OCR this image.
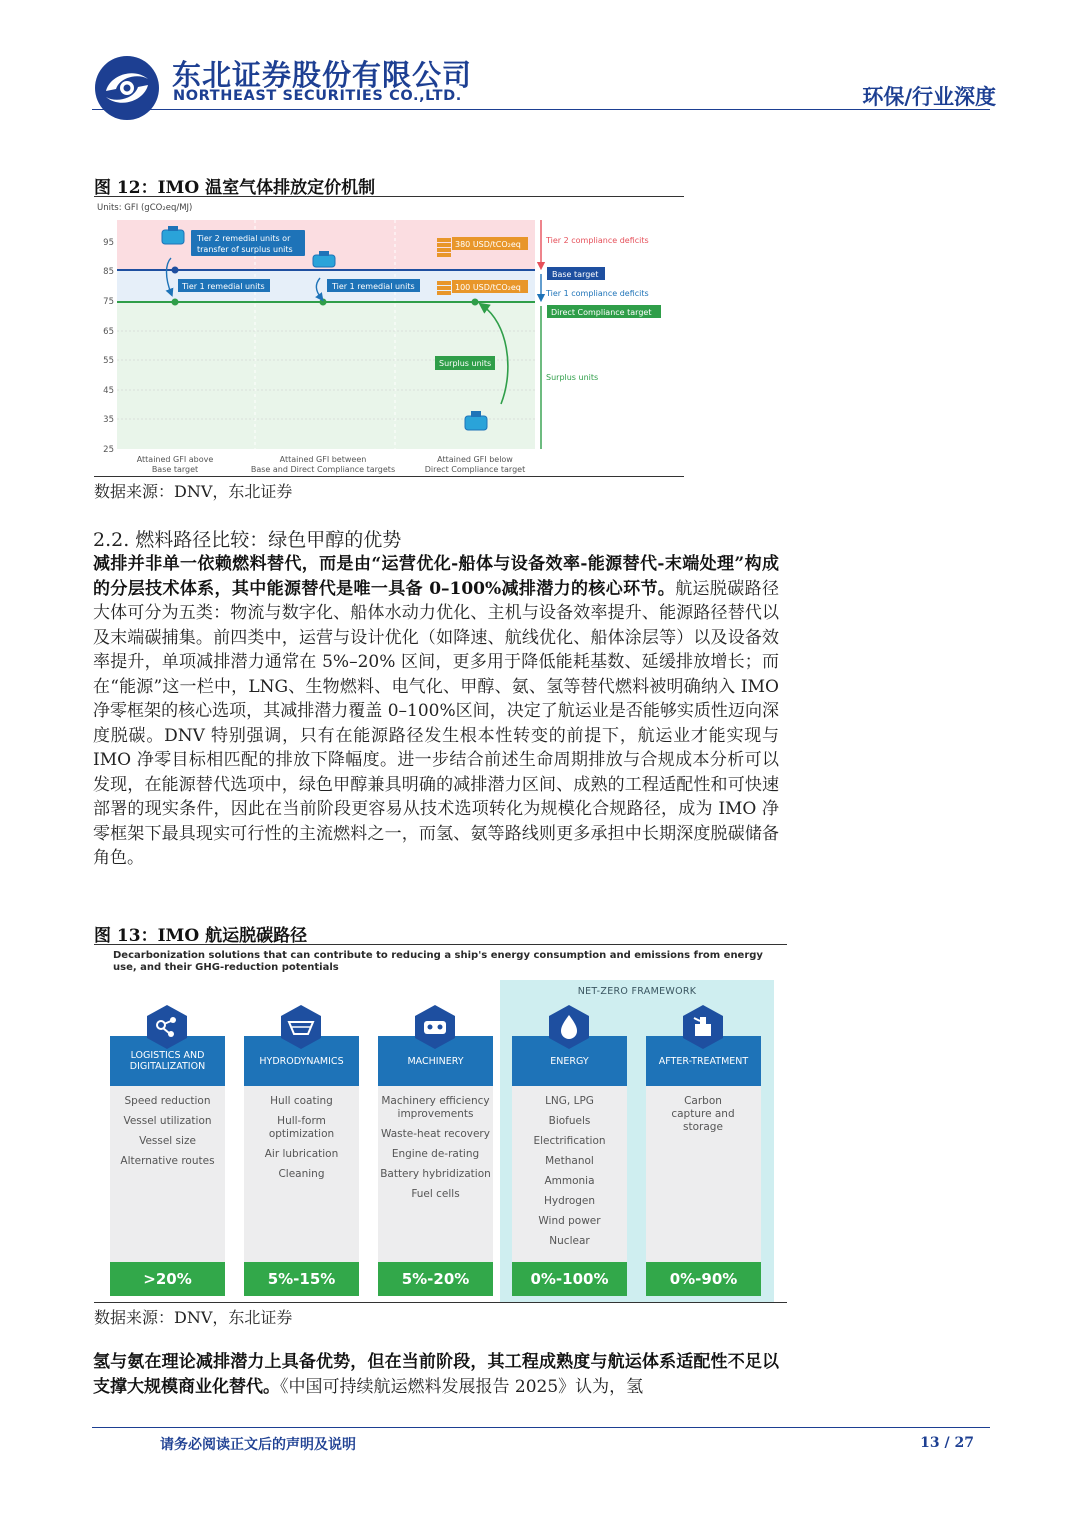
东北证券股份有限公司
NORTHEAST SECURITIES CO.,LTD.	环保/行业深度
图 12：IMO 温室气体排放定价机制
Units: GFI (gCO₂eq/MJ)
95
85
75
65
55
45
35
25
Tier 2 remedial units or
transfer of surplus units
Tier 1 remedial units	Tier 1 remedial units
380 USD/tCO₂eq
100 USD/tCO₂eq
Surplus units
Tier 2 compliance deficits
Base target
Tier 1 compliance deficits
Direct Compliance target
Surplus units
Attained GFI above
Base target
Attained GFI between
Base and Direct Compliance targets
Attained GFI below
Direct Compliance target
数据来源：DNV，东北证券
2.2. 燃料路径比较：绿色甲醇的优势
减排并非单一依赖燃料替代，而是由“运营优化-船体与设备效率-能源替代-末端处理”构成的分层技术体系，其中能源替代是唯一具备 0–100%减排潜力的核心环节。航运脱碳路径大体可分为五类：物流与数字化、船体水动力优化、主机与设备效率提升、能源路径替代以及末端碳捕集。前四类中，运营与设计优化（如降速、航线优化、船体涂层等）以及设备效率提升，单项减排潜力通常在 5%–20% 区间，更多用于降低能耗基数、延缓排放增长；而在“能源”这一栏中，LNG、生物燃料、电气化、甲醇、氨、氢等替代燃料被明确纳入 IMO 净零框架的核心选项，其减排潜力覆盖 0–100%区间，决定了航运业是否能够实质性迈向深度脱碳。DNV 特别强调，只有在能源路径发生根本性转变的前提下，航运业才能实现与 IMO 净零目标相匹配的排放下降幅度。进一步结合前述生命周期排放与合规成本分析可以发现，在能源替代选项中，绿色甲醇兼具明确的减排潜力区间、成熟的工程适配性和可快速部署的现实条件，因此在当前阶段更容易从技术选项转化为规模化合规路径，成为 IMO 净零框架下最具现实可行性的主流燃料之一，而氢、氨等路线则更多承担中长期深度脱碳储备角色。
图 13：IMO 航运脱碳路径
Decarbonization solutions that can contribute to reducing a ship's energy consumption and emissions from energy use, and their GHG-reduction potentials
NET-ZERO FRAMEWORK
LOGISTICS AND DIGITALIZATION
Speed reduction
Vessel utilization
Vessel size
Alternative routes
>20%
HYDRODYNAMICS
Hull coating
Hull-form optimization
Air lubrication
Cleaning
5%-15%
MACHINERY
Machinery efficiency improvements
Waste-heat recovery
Engine de-rating
Battery hybridization
Fuel cells
5%-20%
ENERGY
LNG, LPG
Biofuels
Electrification
Methanol
Ammonia
Hydrogen
Wind power
Nuclear
0%-100%
AFTER-TREATMENT
Carbon capture and storage
0%-90%
数据来源：DNV，东北证券
氢与氨在理论减排潜力上具备优势，但在当前阶段，其工程成熟度与航运体系适配性不足以支撑大规模商业化替代。《中国可持续航运燃料发展报告 2025》认为，氢
请务必阅读正文后的声明及说明	13 / 27
